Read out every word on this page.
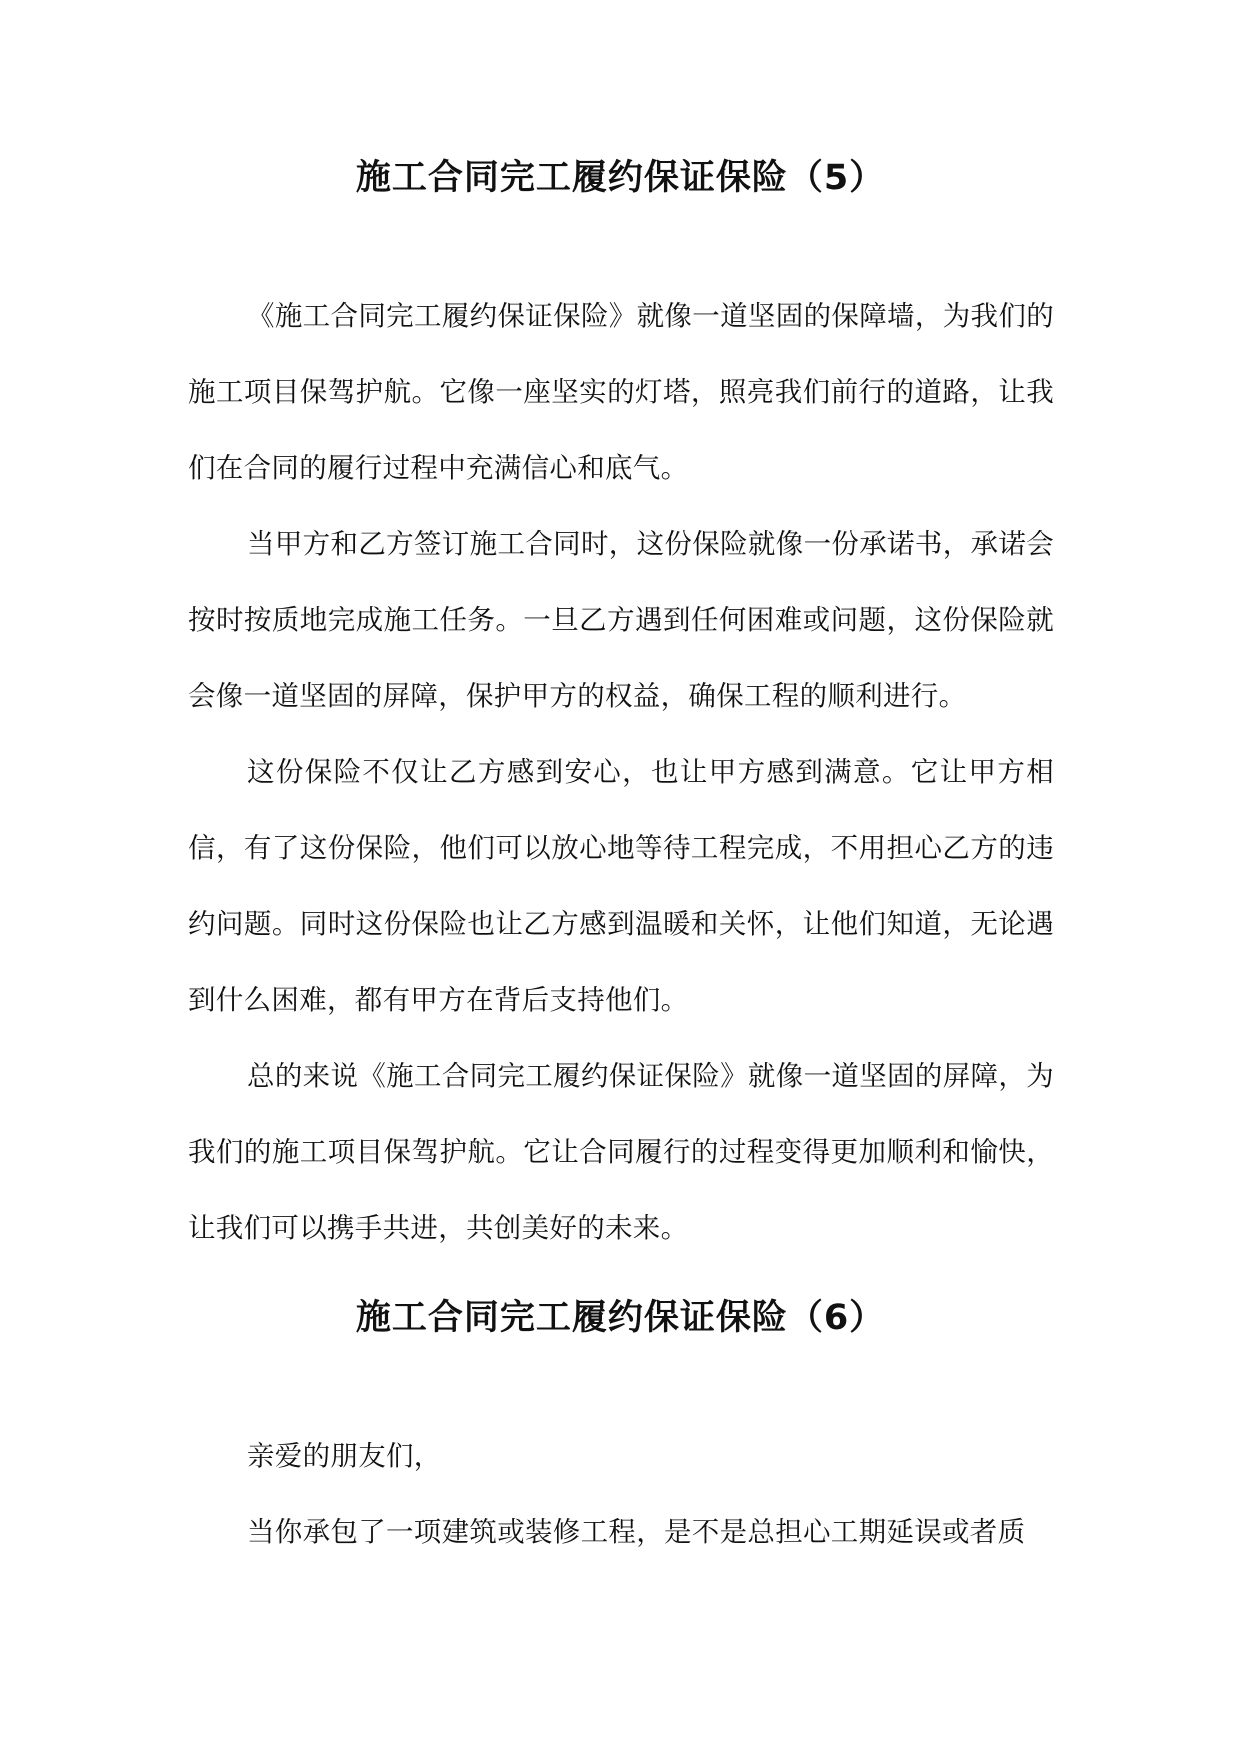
施工合同完工履约保证保险（5）

《施工合同完工履约保证保险》就像一道坚固的保障墙，为我们的施工项目保驾护航。它像一座坚实的灯塔，照亮我们前行的道路，让我们在合同的履行过程中充满信心和底气。

当甲方和乙方签订施工合同时，这份保险就像一份承诺书，承诺会按时按质地完成施工任务。一旦乙方遇到任何困难或问题，这份保险就会像一道坚固的屏障，保护甲方的权益，确保工程的顺利进行。

这份保险不仅让乙方感到安心，也让甲方感到满意。它让甲方相信，有了这份保险，他们可以放心地等待工程完成，不用担心乙方的违约问题。同时这份保险也让乙方感到温暖和关怀，让他们知道，无论遇到什么困难，都有甲方在背后支持他们。

总的来说《施工合同完工履约保证保险》就像一道坚固的屏障，为我们的施工项目保驾护航。它让合同履行的过程变得更加顺利和愉快，让我们可以携手共进，共创美好的未来。

施工合同完工履约保证保险（6）

亲爱的朋友们，

当你承包了一项建筑或装修工程，是不是总担心工期延误或者质
